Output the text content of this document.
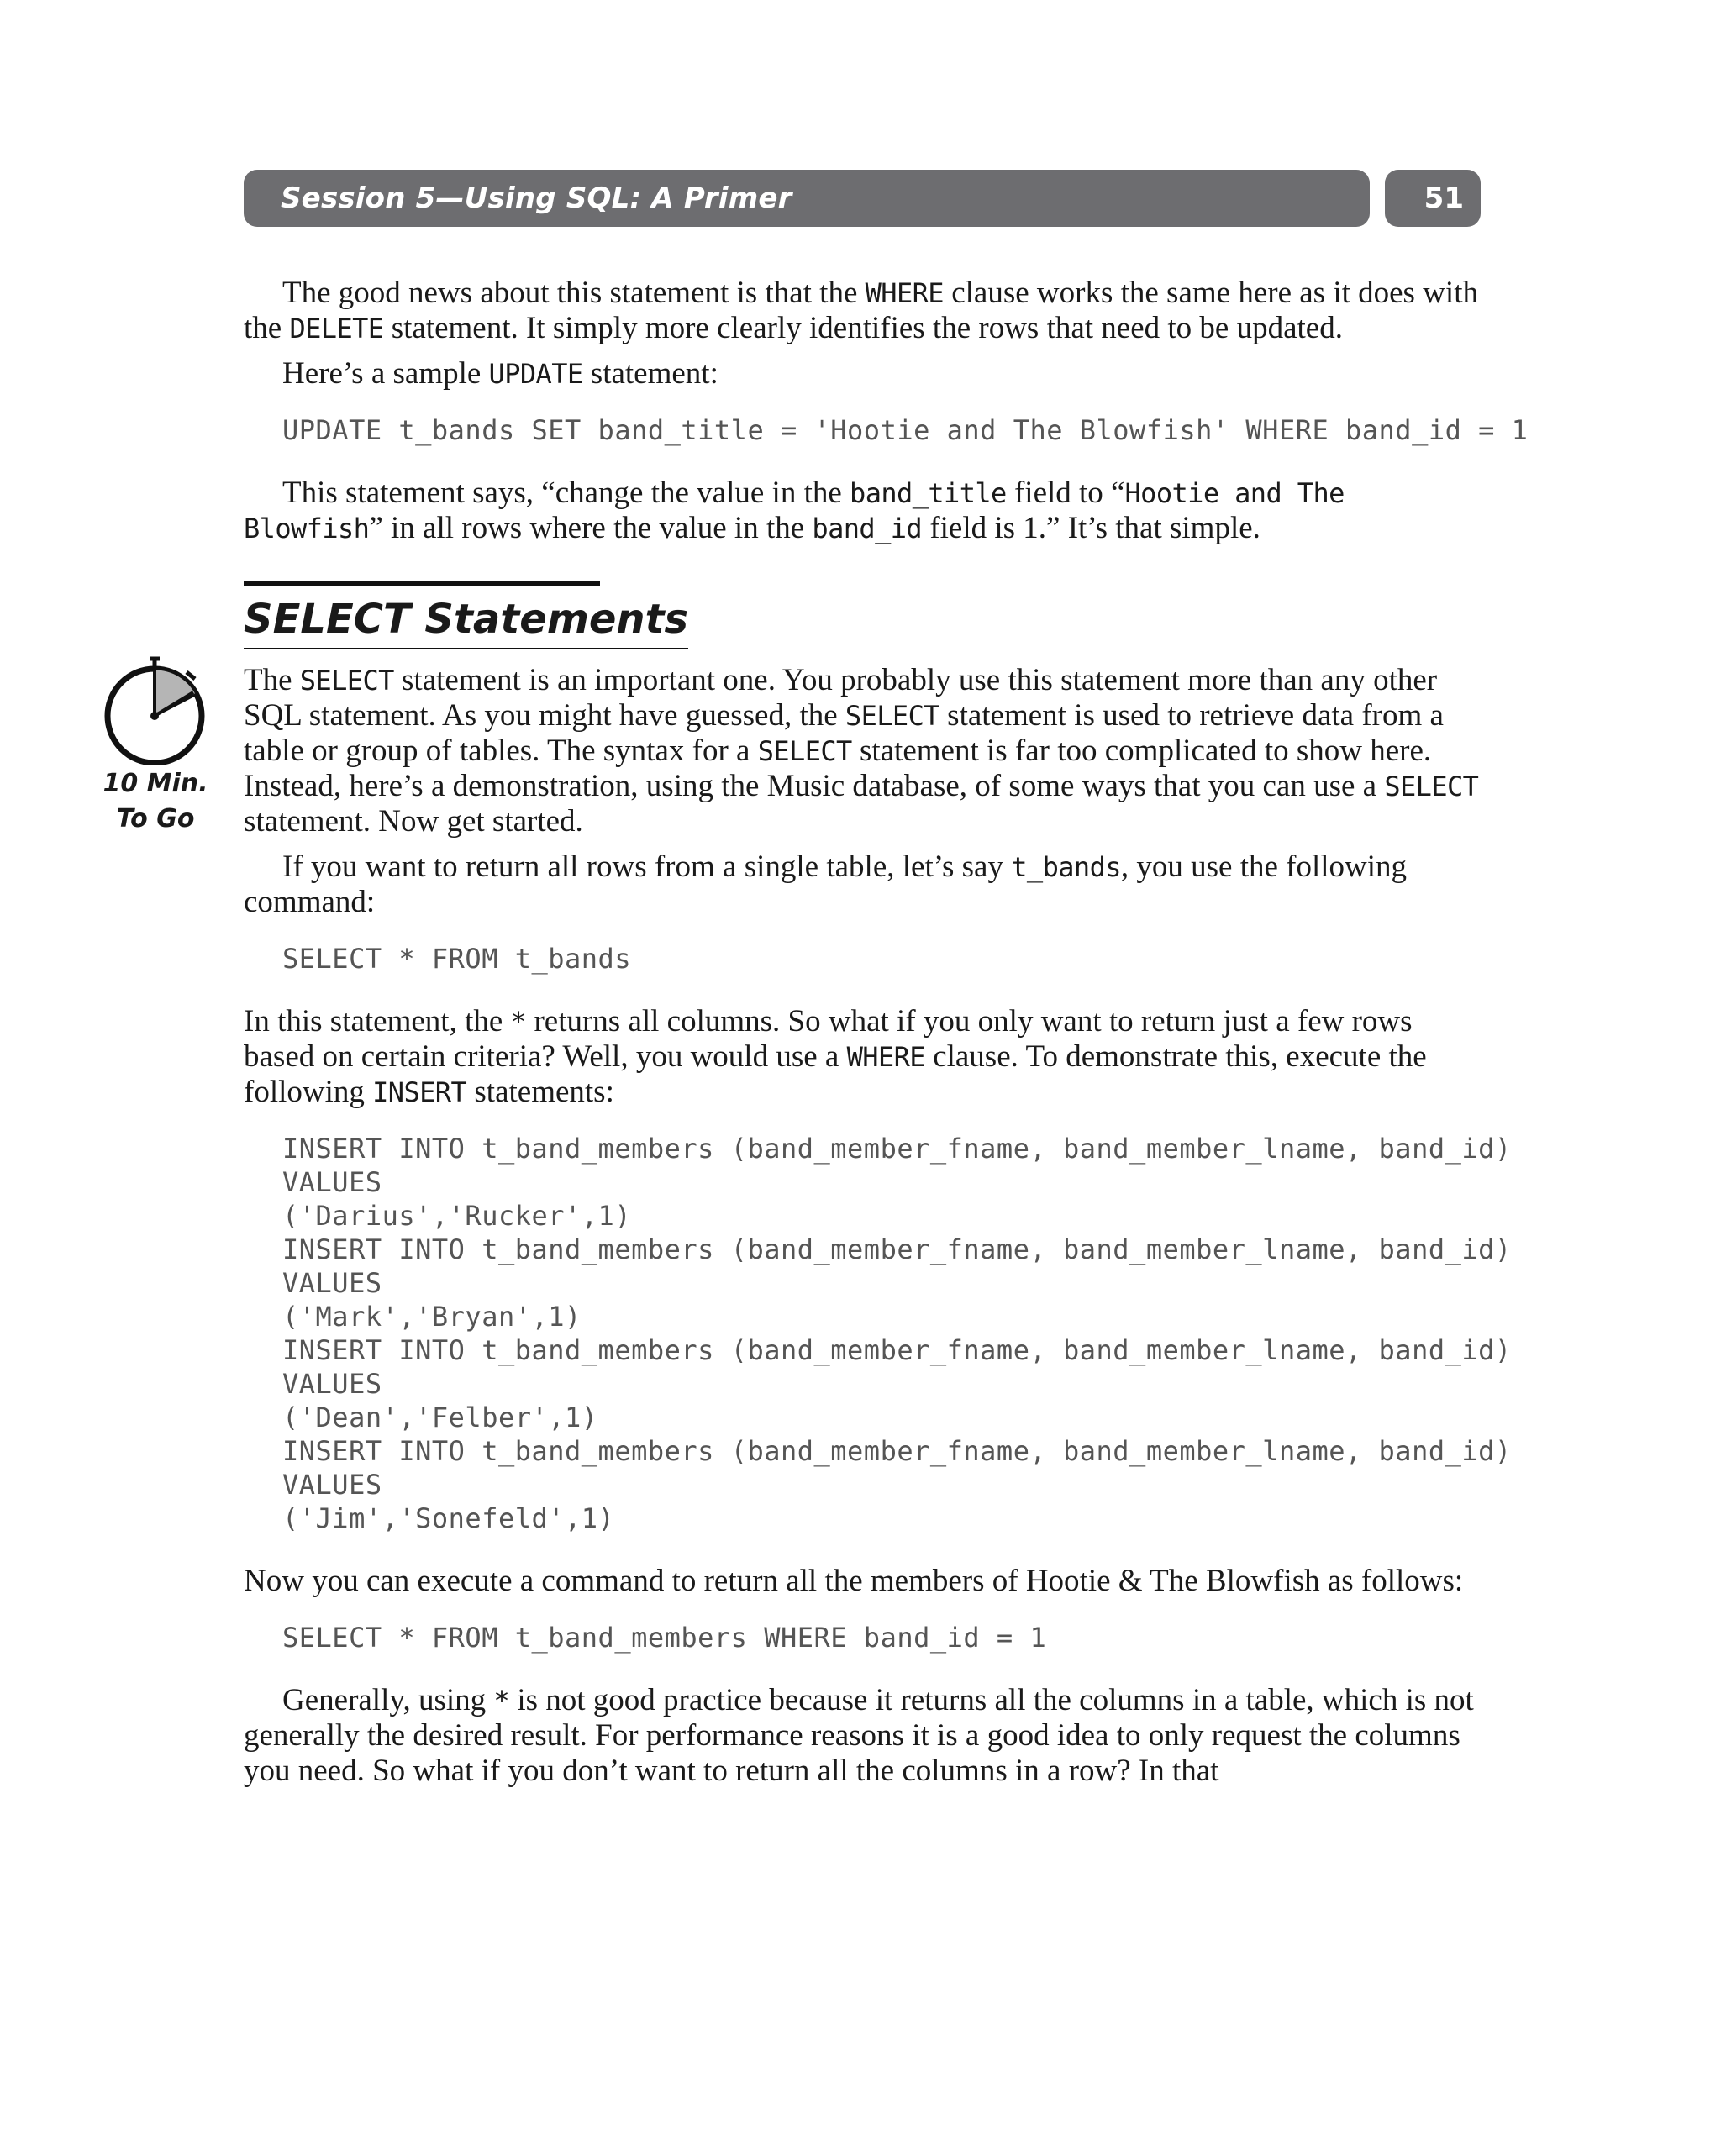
Session 5—Using SQL: A Primer	51
10 Min.
To Go

The good news about this statement is that the WHERE clause works the same here as it does with the DELETE statement. It simply more clearly identifies the rows that need to be updated.

Here’s a sample UPDATE statement:

UPDATE t_bands SET band_title = 'Hootie and The Blowfish' WHERE band_id = 1

This statement says, “change the value in the band_title field to “Hootie and The Blowfish” in all rows where the value in the band_id field is 1.” It’s that simple.

SELECT Statements

The SELECT statement is an important one. You probably use this statement more than any other SQL statement. As you might have guessed, the SELECT statement is used to retrieve data from a table or group of tables. The syntax for a SELECT statement is far too complicated to show here. Instead, here’s a demonstration, using the Music database, of some ways that you can use a SELECT statement. Now get started.

If you want to return all rows from a single table, let’s say t_bands, you use the following command:

SELECT * FROM t_bands

In this statement, the * returns all columns. So what if you only want to return just a few rows based on certain criteria? Well, you would use a WHERE clause. To demonstrate this, execute the following INSERT statements:

INSERT INTO t_band_members (band_member_fname, band_member_lname, band_id)
VALUES
('Darius','Rucker',1)
INSERT INTO t_band_members (band_member_fname, band_member_lname, band_id)
VALUES
('Mark','Bryan',1)
INSERT INTO t_band_members (band_member_fname, band_member_lname, band_id)
VALUES
('Dean','Felber',1)
INSERT INTO t_band_members (band_member_fname, band_member_lname, band_id)
VALUES
('Jim','Sonefeld',1)

Now you can execute a command to return all the members of Hootie & The Blowfish as follows:

SELECT * FROM t_band_members WHERE band_id = 1

Generally, using * is not good practice because it returns all the columns in a table, which is not generally the desired result. For performance reasons it is a good idea to only request the columns you need. So what if you don’t want to return all the columns in a row? In that
